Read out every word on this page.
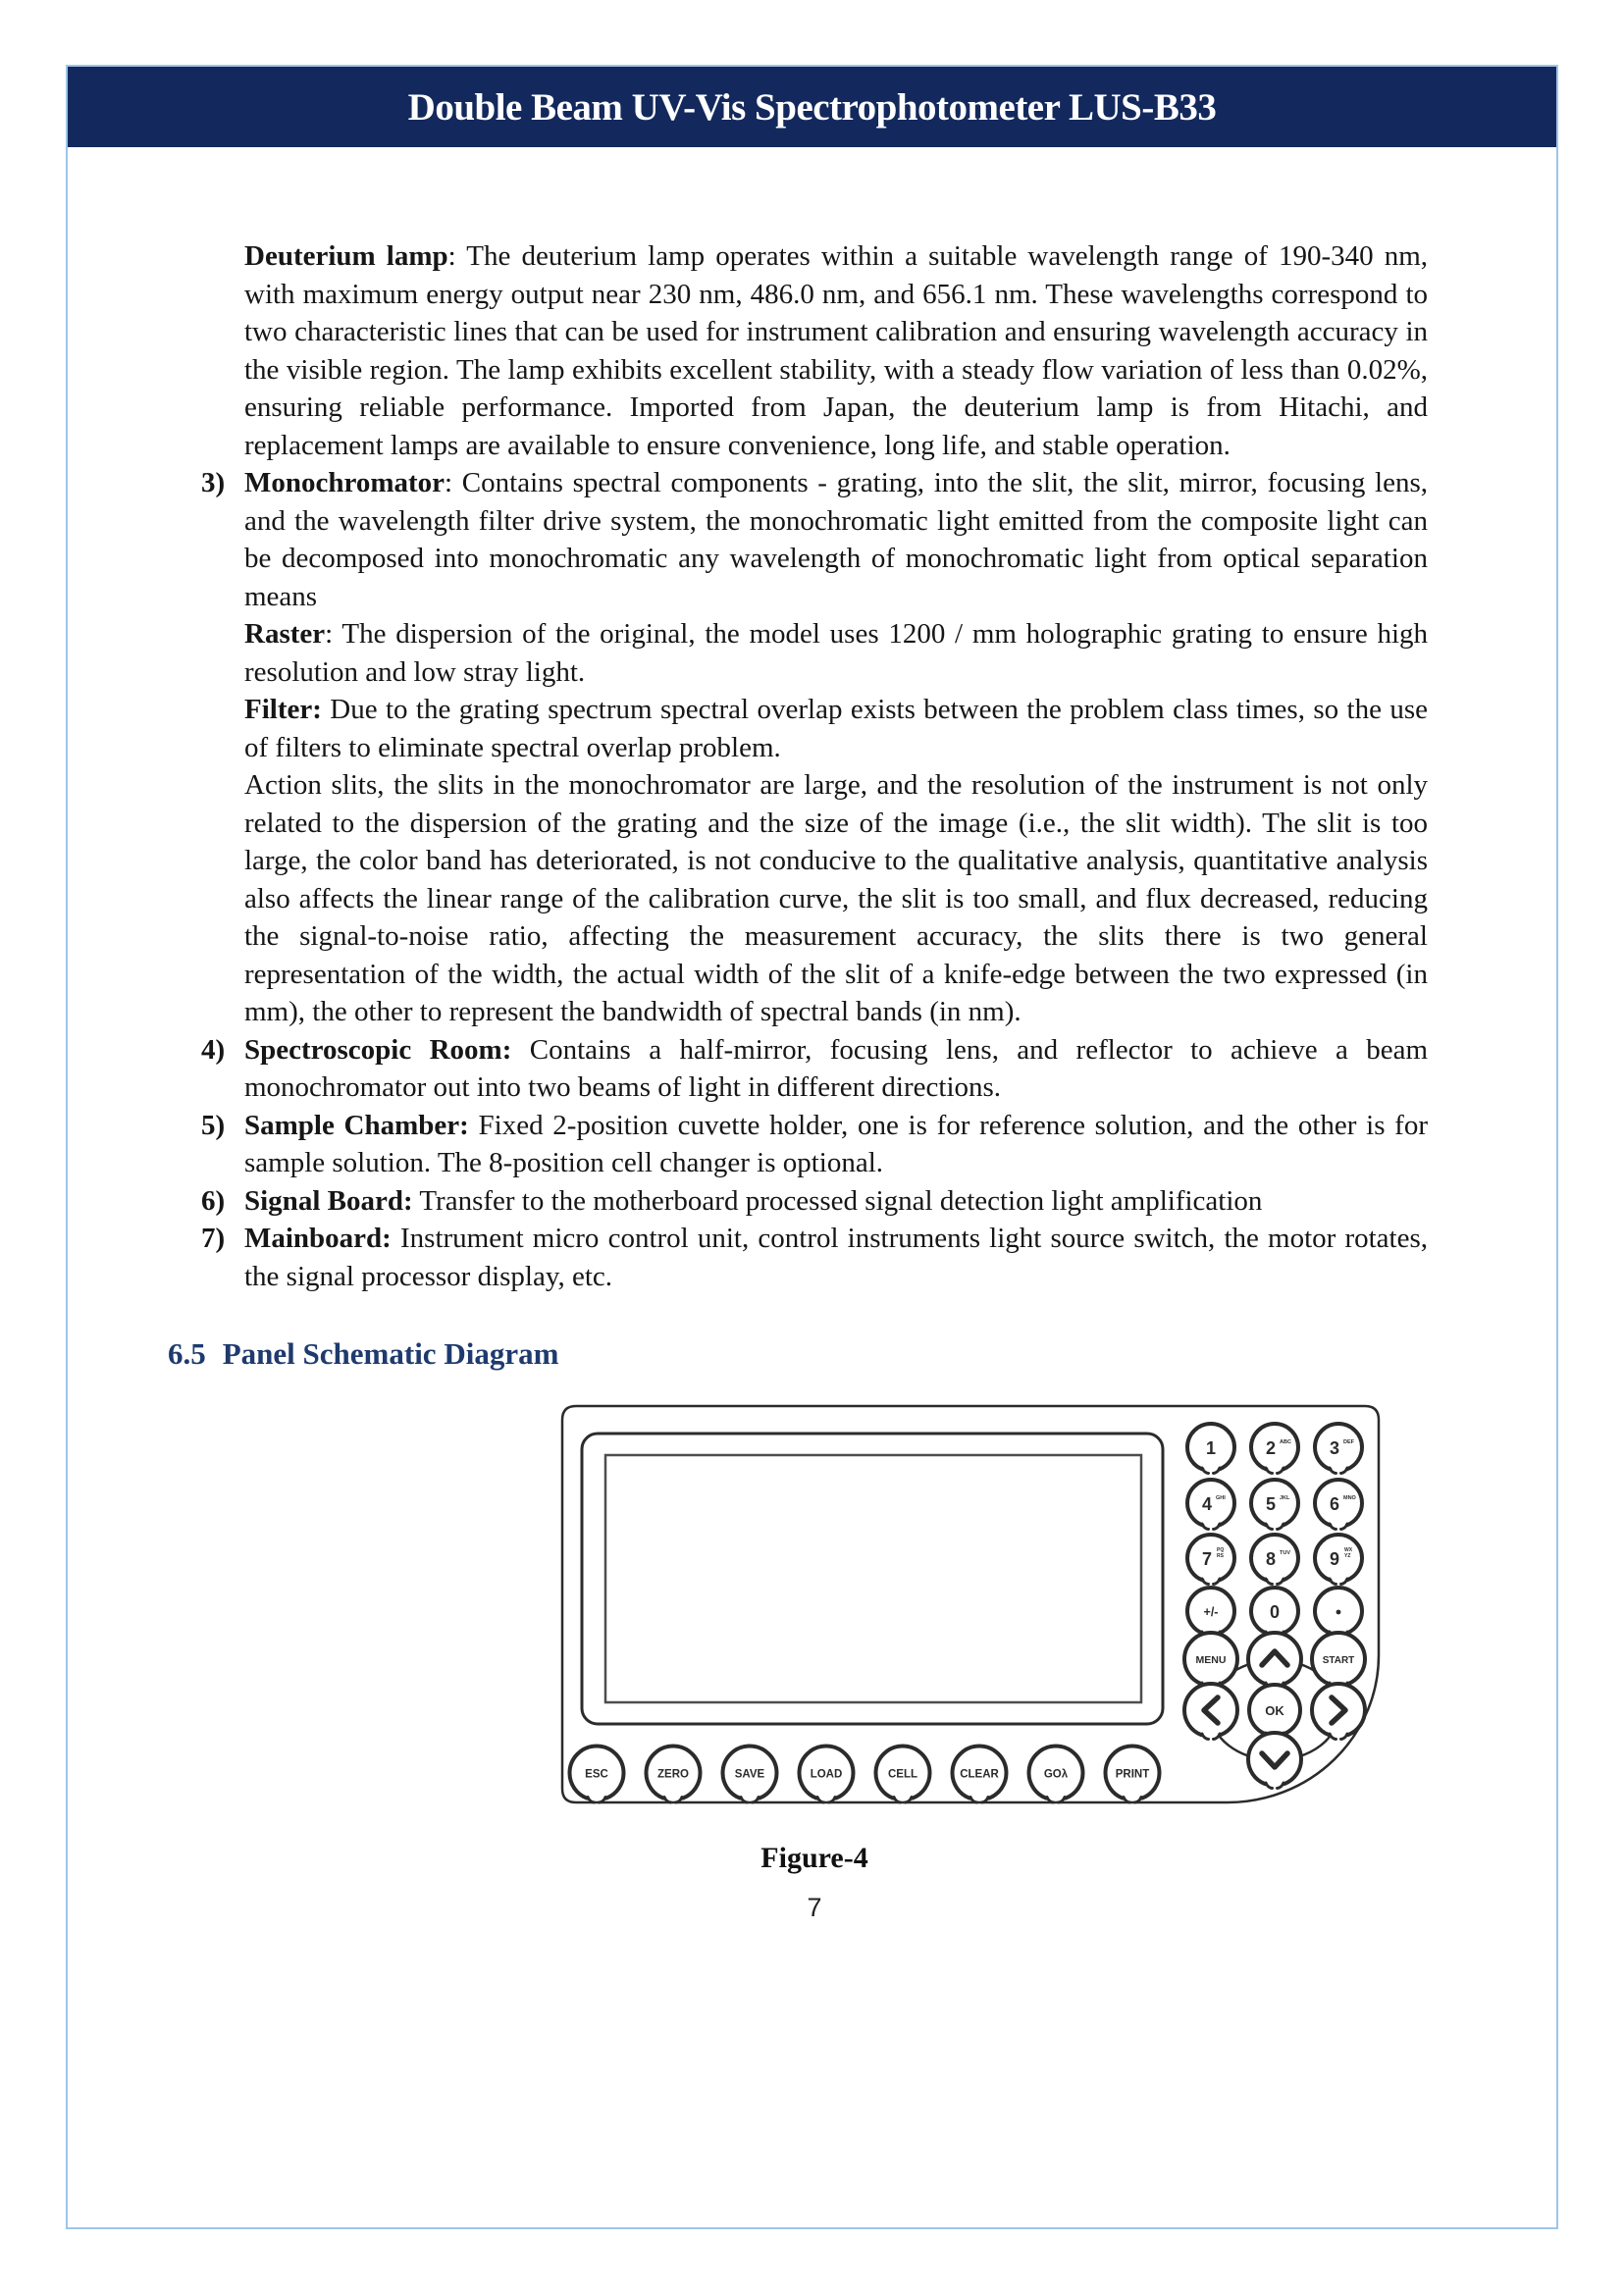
Double Beam UV-Vis Spectrophotometer LUS-B33
Deuterium lamp: The deuterium lamp operates within a suitable wavelength range of 190-340 nm, with maximum energy output near 230 nm, 486.0 nm, and 656.1 nm. These wavelengths correspond to two characteristic lines that can be used for instrument calibration and ensuring wavelength accuracy in the visible region. The lamp exhibits excellent stability, with a steady flow variation of less than 0.02%, ensuring reliable performance. Imported from Japan, the deuterium lamp is from Hitachi, and replacement lamps are available to ensure convenience, long life, and stable operation.
3) Monochromator: Contains spectral components - grating, into the slit, the slit, mirror, focusing lens, and the wavelength filter drive system, the monochromatic light emitted from the composite light can be decomposed into monochromatic any wavelength of monochromatic light from optical separation means
Raster: The dispersion of the original, the model uses 1200 / mm holographic grating to ensure high resolution and low stray light.
Filter: Due to the grating spectrum spectral overlap exists between the problem class times, so the use of filters to eliminate spectral overlap problem.
Action slits, the slits in the monochromator are large, and the resolution of the instrument is not only related to the dispersion of the grating and the size of the image (i.e., the slit width). The slit is too large, the color band has deteriorated, is not conducive to the qualitative analysis, quantitative analysis also affects the linear range of the calibration curve, the slit is too small, and flux decreased, reducing the signal-to-noise ratio, affecting the measurement accuracy, the slits there is two general representation of the width, the actual width of the slit of a knife-edge between the two expressed (in mm), the other to represent the bandwidth of spectral bands (in nm).
4) Spectroscopic Room: Contains a half-mirror, focusing lens, and reflector to achieve a beam monochromator out into two beams of light in different directions.
5) Sample Chamber: Fixed 2-position cuvette holder, one is for reference solution, and the other is for sample solution. The 8-position cell changer is optional.
6) Signal Board: Transfer to the motherboard processed signal detection light amplification
7) Mainboard: Instrument micro control unit, control instruments light source switch, the motor rotates, the signal processor display, etc.
6.5 Panel Schematic Diagram
1	2 ABC 3 DEF
4 GHI 5 JKL 6 MNO
7 PQ
RS 8 TUV 9 WX
YZ
+/-	0
MENU	START
OK
ESC	ZERO	SAVE	LOAD	CELL	CLEAR	GOλ	PRINT
Figure-4
7
